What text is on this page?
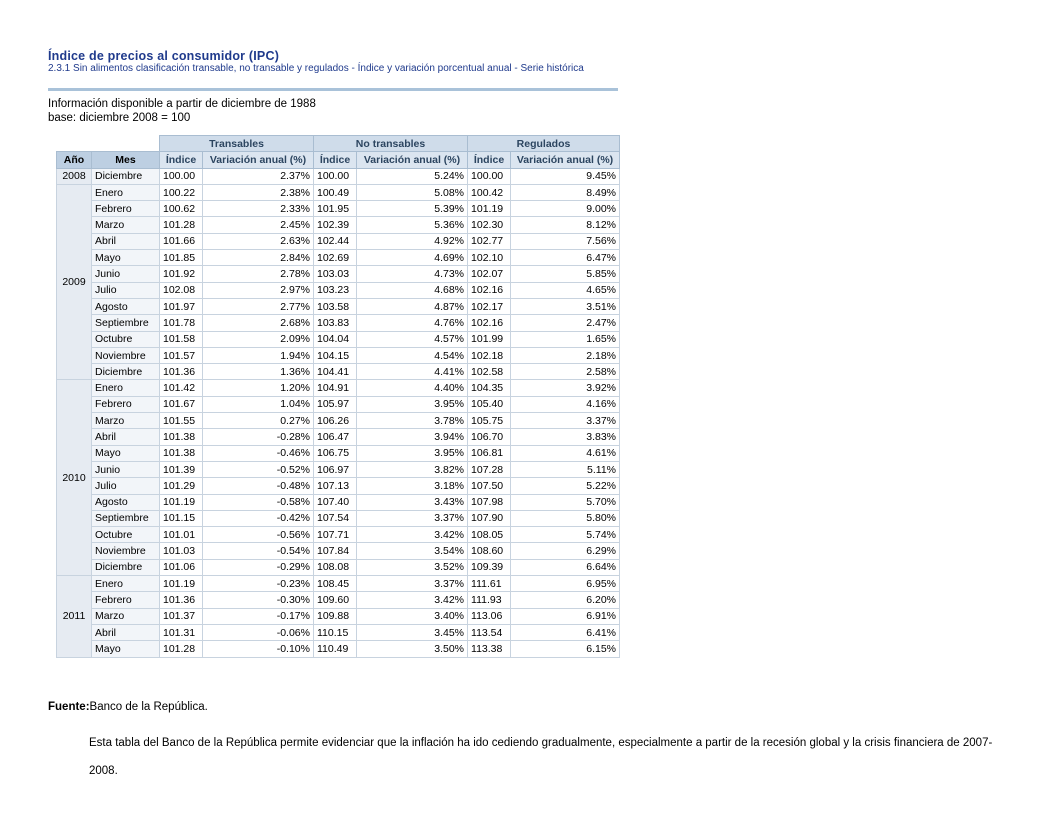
Índice de precios al consumidor (IPC)
2.3.1 Sin alimentos clasificación transable, no transable y regulados - Índice y variación porcentual anual - Serie histórica
Información disponible a partir de diciembre de 1988
base: diciembre 2008 = 100
		Transables		No transables		Regulados	
Año	Mes	Índice	Variación anual (%)	Índice	Variación anual (%)	Índice	Variación anual (%)
2008	Diciembre	100.00	2.37%	100.00	5.24%	100.00	9.45%
2009	Enero	100.22	2.38%	100.49	5.08%	100.42	8.49%
	Febrero	100.62	2.33%	101.95	5.39%	101.19	9.00%
	Marzo	101.28	2.45%	102.39	5.36%	102.30	8.12%
	Abril	101.66	2.63%	102.44	4.92%	102.77	7.56%
	Mayo	101.85	2.84%	102.69	4.69%	102.10	6.47%
	Junio	101.92	2.78%	103.03	4.73%	102.07	5.85%
	Julio	102.08	2.97%	103.23	4.68%	102.16	4.65%
	Agosto	101.97	2.77%	103.58	4.87%	102.17	3.51%
	Septiembre	101.78	2.68%	103.83	4.76%	102.16	2.47%
	Octubre	101.58	2.09%	104.04	4.57%	101.99	1.65%
	Noviembre	101.57	1.94%	104.15	4.54%	102.18	2.18%
	Diciembre	101.36	1.36%	104.41	4.41%	102.58	2.58%
2010	Enero	101.42	1.20%	104.91	4.40%	104.35	3.92%
	Febrero	101.67	1.04%	105.97	3.95%	105.40	4.16%
	Marzo	101.55	0.27%	106.26	3.78%	105.75	3.37%
	Abril	101.38	-0.28%	106.47	3.94%	106.70	3.83%
	Mayo	101.38	-0.46%	106.75	3.95%	106.81	4.61%
	Junio	101.39	-0.52%	106.97	3.82%	107.28	5.11%
	Julio	101.29	-0.48%	107.13	3.18%	107.50	5.22%
	Agosto	101.19	-0.58%	107.40	3.43%	107.98	5.70%
	Septiembre	101.15	-0.42%	107.54	3.37%	107.90	5.80%
	Octubre	101.01	-0.56%	107.71	3.42%	108.05	5.74%
	Noviembre	101.03	-0.54%	107.84	3.54%	108.60	6.29%
	Diciembre	101.06	-0.29%	108.08	3.52%	109.39	6.64%
2011	Enero	101.19	-0.23%	108.45	3.37%	111.61	6.95%
	Febrero	101.36	-0.30%	109.60	3.42%	111.93	6.20%
	Marzo	101.37	-0.17%	109.88	3.40%	113.06	6.91%
	Abril	101.31	-0.06%	110.15	3.45%	113.54	6.41%
	Mayo	101.28	-0.10%	110.49	3.50%	113.38	6.15%
Fuente:Banco de la República.
Esta tabla del Banco de la República permite evidenciar que la inflación ha ido cediendo gradualmente, especialmente a partir de la recesión global y la crisis financiera de 2007-2008.
